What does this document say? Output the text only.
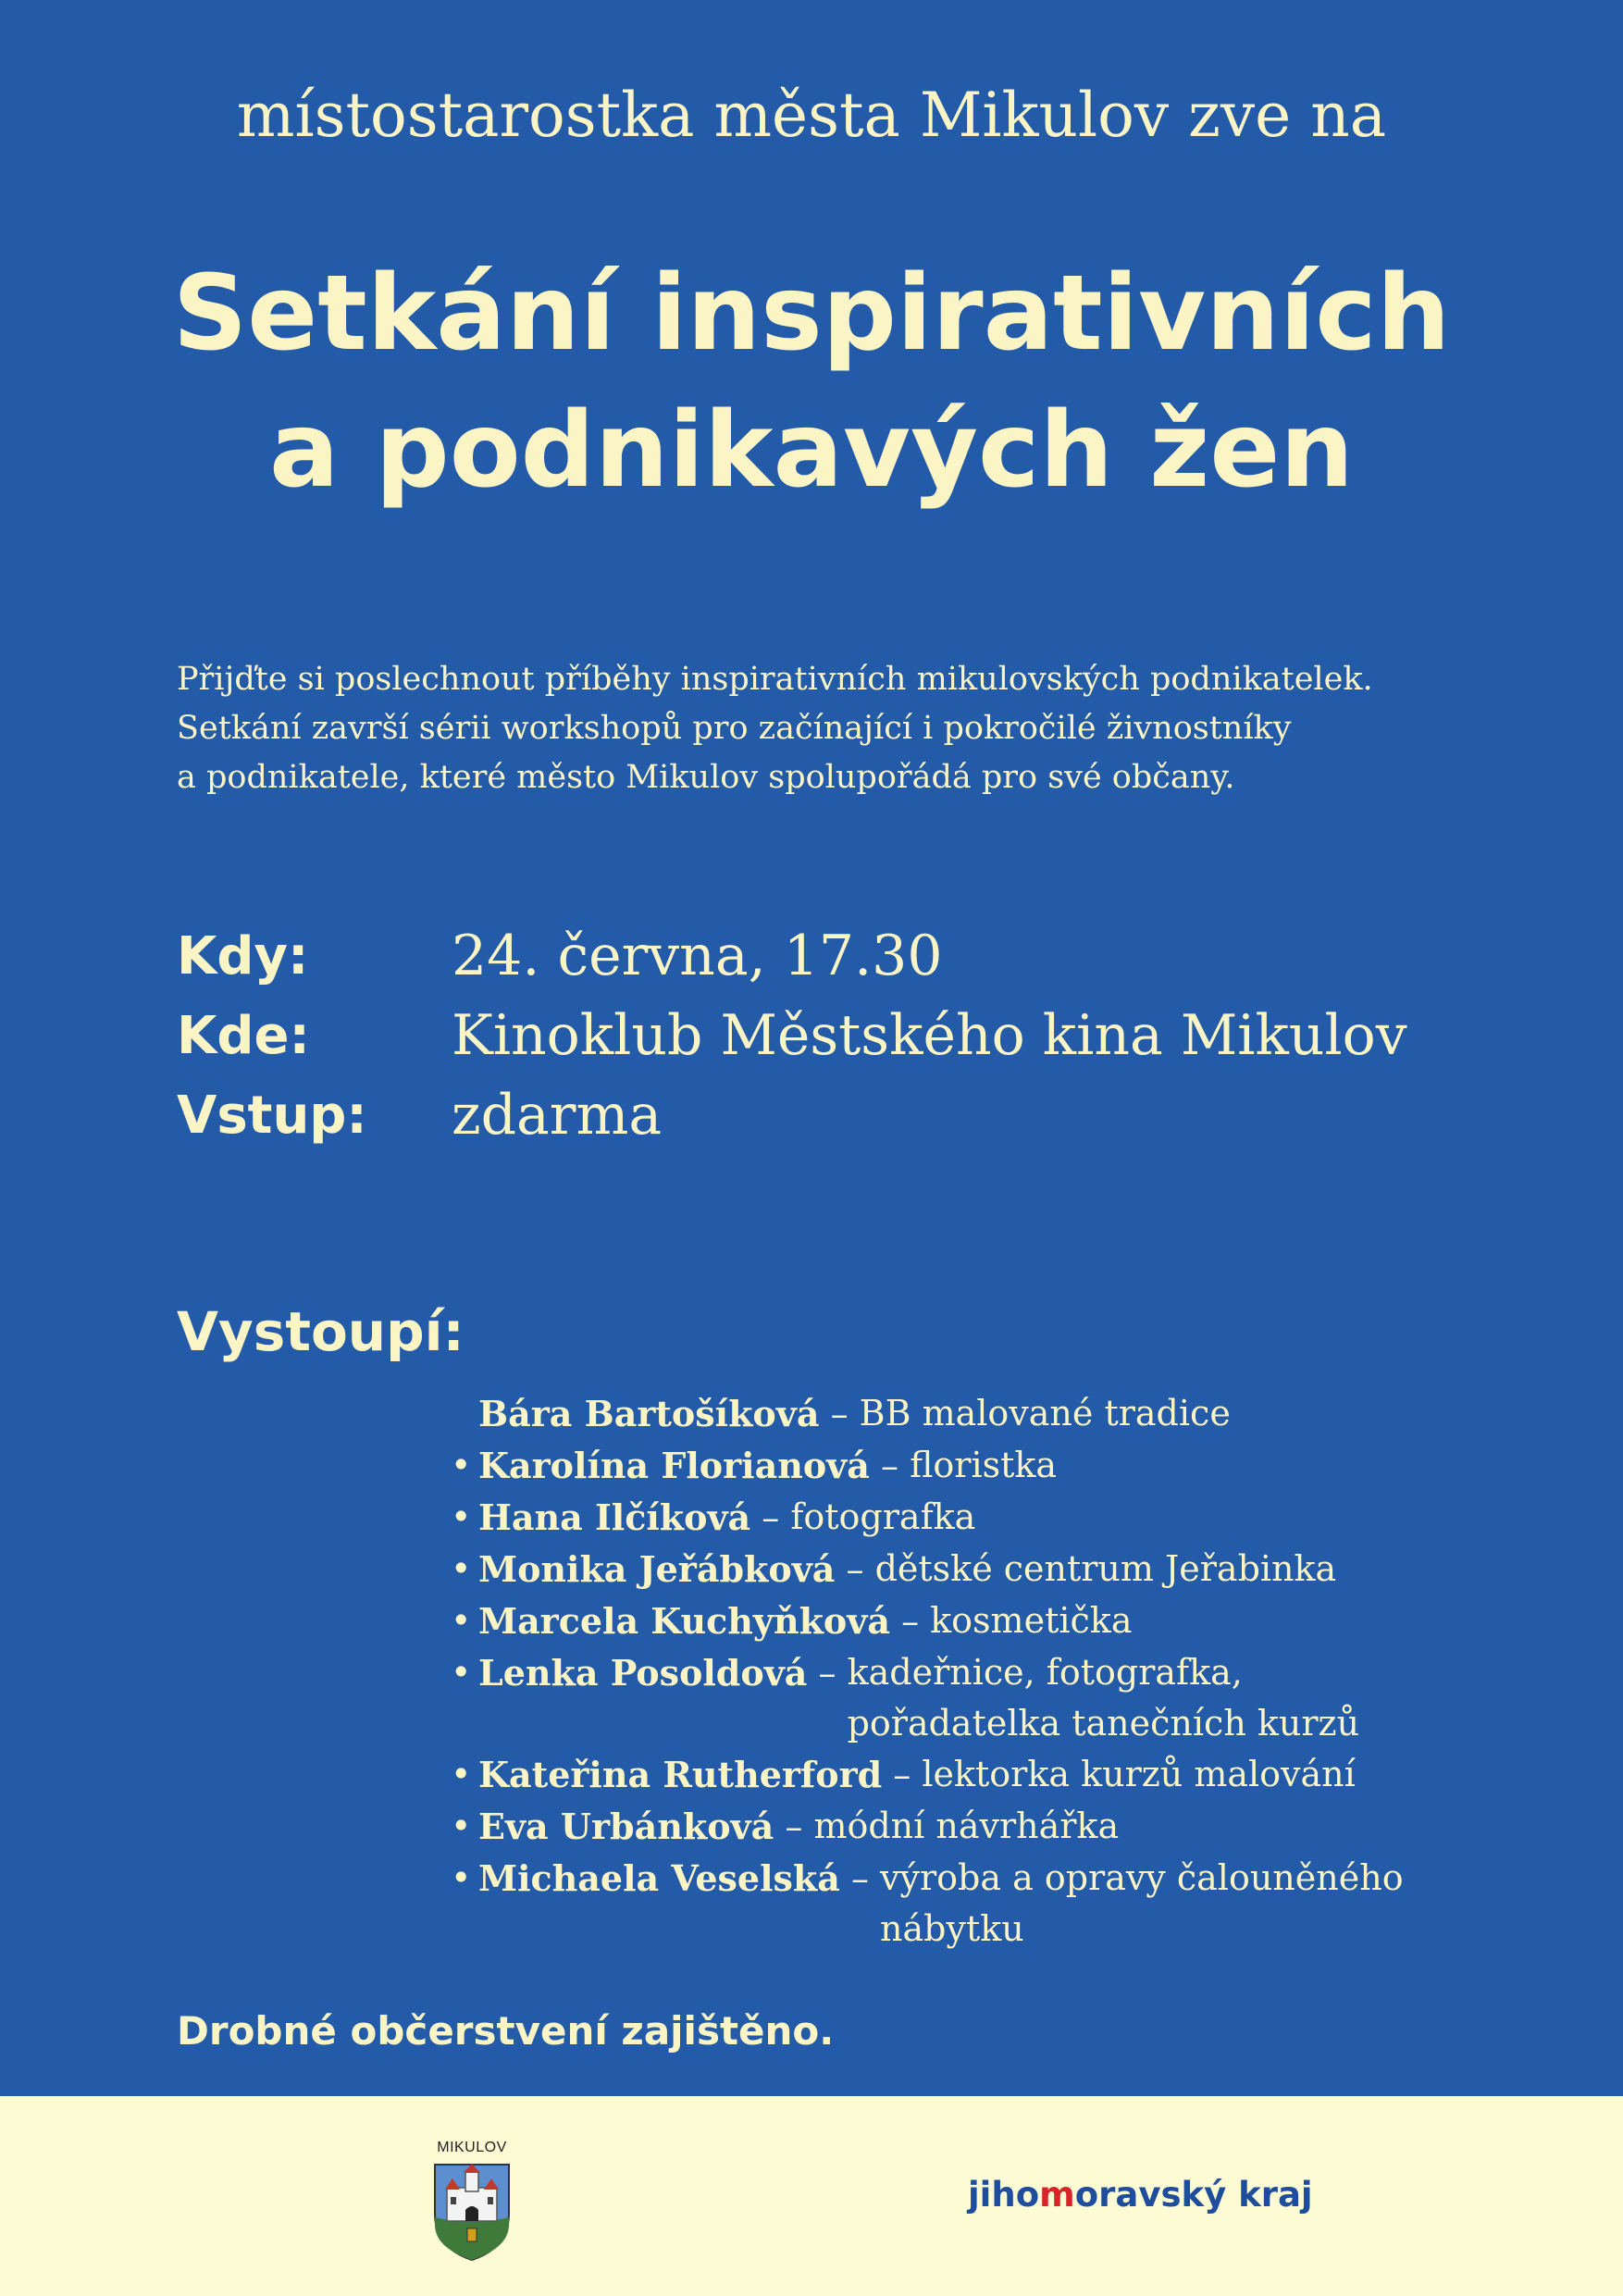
místostarostka města Mikulov zve na
Setkání inspirativních
a podnikavých žen
Přijďte si poslechnout příběhy inspirativních mikulovských podnikatelek.
Setkání završí sérii workshopů pro začínající i pokročilé živnostníky
a podnikatele, které město Mikulov spolupořádá pro své občany.
Kdy:	24. června, 17.30
Kde:	Kinoklub Městského kina Mikulov
Vstup:	zdarma
Vystoupí:
Bára Bartošíková – BB malované tradice
• Karolína Florianová – floristka
• Hana Ilčíková – fotografka
• Monika Jeřábková – dětské centrum Jeřabinka
• Marcela Kuchyňková – kosmetička
• Lenka Posoldová – kadeřnice, fotografka,
pořadatelka tanečních kurzů
• Kateřina Rutherford – lektorka kurzů malování
• Eva Urbánková – módní návrhářka
• Michaela Veselská – výroba a opravy čalouněného
nábytku
Drobné občerstvení zajištěno.
MIKULOV
jihomoravský kraj
